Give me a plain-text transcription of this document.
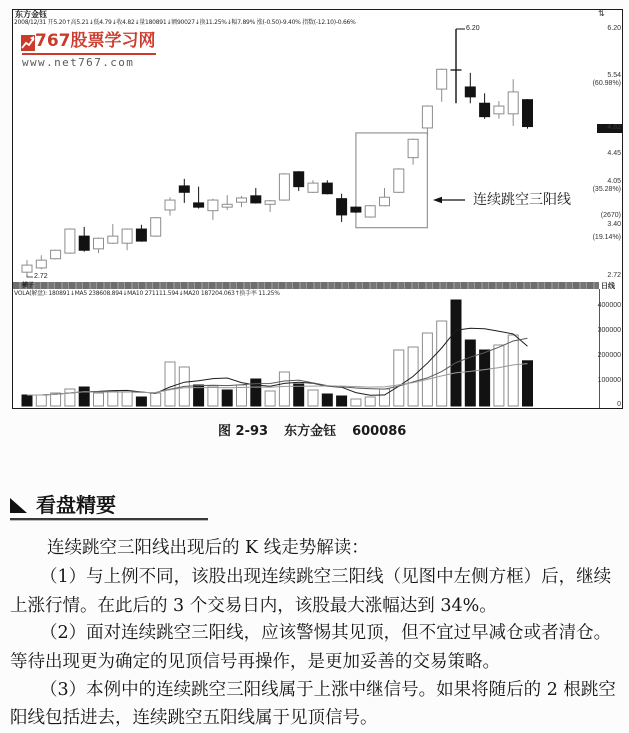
东方金钰
2008/12/31 开5.20↑高5.21↓低4.79↓收4.82↓量180891↓额90027↓换11.25%↓幅7.89% 涨(-0.50)-9.40% 指数(-12.10)-0.66%
⇅
767股票学习网
www.net767.com
6.20
5.54
(60.98%)
4.82
4.45
4.05
(35.28%)
(2670)
3.40
(19.14%)
2.72
横子	日线
VOLA(解盘): 180891↓MA5 238608.894↓MA10 271111.594↓MA20 187204.063↑换手率 11.25%
400000
300000
200000
100000
0
连续跳空三阳线
6.20
2.72
图 2-93 东方金钰 600086
看盘精要
连续跳空三阳线出现后的 K 线走势解读：
（1）与上例不同，该股出现连续跳空三阳线（见图中左侧方框）后，继续
上涨行情。在此后的 3 个交易日内，该股最大涨幅达到 34%。
（2）面对连续跳空三阳线，应该警惕其见顶，但不宜过早减仓或者清仓。
等待出现更为确定的见顶信号再操作，是更加妥善的交易策略。
（3）本例中的连续跳空三阳线属于上涨中继信号。如果将随后的 2 根跳空
阳线包括进去，连续跳空五阳线属于见顶信号。
